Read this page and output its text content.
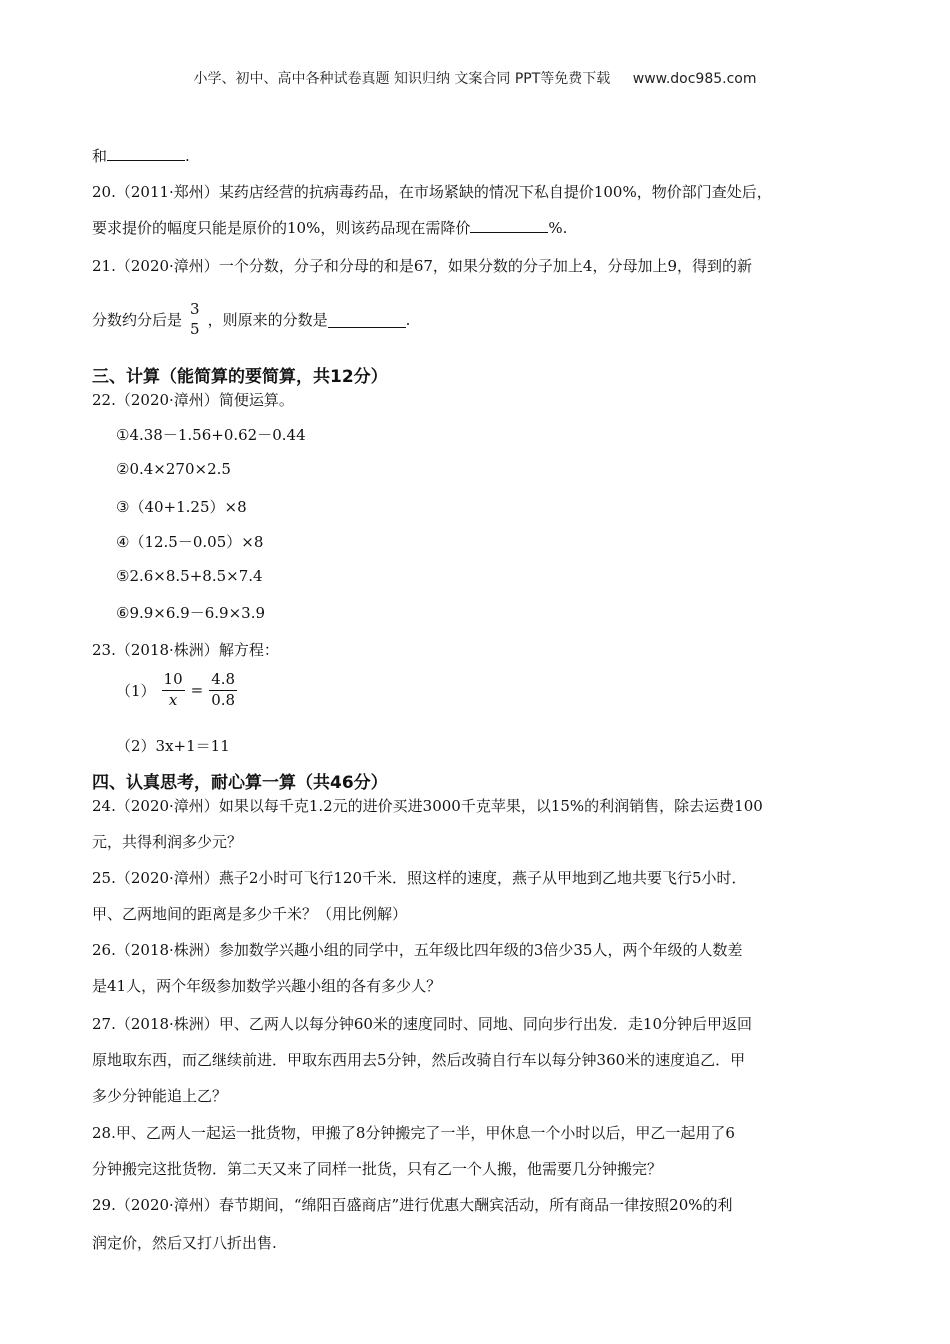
小学、初中、高中各种试卷真题 知识归纳 文案合同 PPT等免费下载 www.doc985.com
和	.
20.（2011·郑州）某药店经营的抗病毒药品，在市场紧缺的情况下私自提价100%，物价部门查处后，
要求提价的幅度只能是原价的10%，则该药品现在需降价	%.
21.（2020·漳州）一个分数，分子和分母的和是67，如果分数的分子加上4，分母加上9，得到的新
分数约分后是
3
5 ，则原来的分数是	.
三、计算（能简算的要简算，共12分）
22.（2020·漳州）简便运算。
①4.38－1.56+0.62－0.44
②0.4×270×2.5
③（40+1.25）×8
④（12.5－0.05）×8
⑤2.6×8.5+8.5×7.4
⑥9.9×6.9－6.9×3.9
23.（2018·株洲）解方程：
$(1) \frac{10}{x} = \frac{4.8}{0.8}$
（2）3x+1＝11
四、认真思考，耐心算一算（共46分）
24.（2020·漳州）如果以每千克1.2元的进价买进3000千克苹果，以15%的利润销售，除去运费100
元，共得利润多少元？
25.（2020·漳州）燕子2小时可飞行120千米．照这样的速度，燕子从甲地到乙地共要飞行5小时．
甲、乙两地间的距离是多少千米？（用比例解）
26.（2018·株洲）参加数学兴趣小组的同学中，五年级比四年级的3倍少35人，两个年级的人数差
是41人，两个年级参加数学兴趣小组的各有多少人？
27.（2018·株洲）甲、乙两人以每分钟60米的速度同时、同地、同向步行出发．走10分钟后甲返回
原地取东西，而乙继续前进．甲取东西用去5分钟，然后改骑自行车以每分钟360米的速度追乙．甲
多少分钟能追上乙？
28.甲、乙两人一起运一批货物，甲搬了8分钟搬完了一半，甲休息一个小时以后，甲乙一起用了6
分钟搬完这批货物．第二天又来了同样一批货，只有乙一个人搬，他需要几分钟搬完？
29.（2020·漳州）春节期间，“绵阳百盛商店”进行优惠大酬宾活动，所有商品一律按照20%的利
润定价，然后又打八折出售.
